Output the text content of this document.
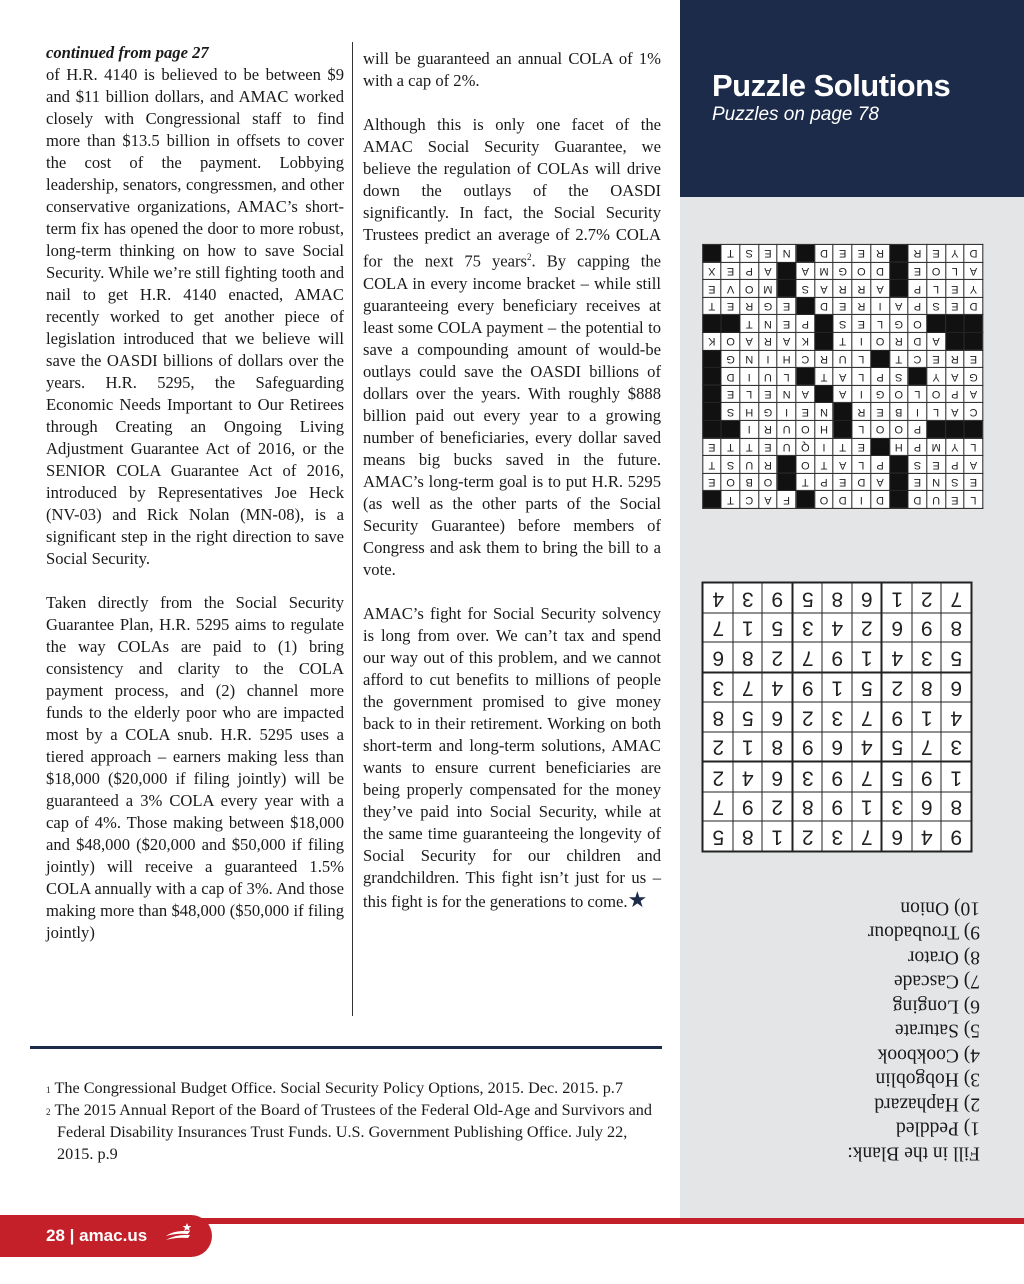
continued from page 27

of H.R. 4140 is believed to be between $9 and $11 billion dollars, and AMAC worked closely with Congressional staff to find more than $13.5 billion in offsets to cover the cost of the payment. Lobbying leadership, senators, congressmen, and other conservative organizations, AMAC’s short-term fix has opened the door to more robust, long-term thinking on how to save Social Security. While we’re still fighting tooth and nail to get H.R. 4140 enacted, AMAC recently worked to get another piece of legislation introduced that we believe will save the OASDI billions of dollars over the years. H.R. 5295, the Safeguarding Economic Needs Important to Our Retirees through Creating an Ongoing Living Adjustment Guarantee Act of 2016, or the SENIOR COLA Guarantee Act of 2016, introduced by Representatives Joe Heck (NV-03) and Rick Nolan (MN-08), is a significant step in the right direction to save Social Security.

Taken directly from the Social Security Guarantee Plan, H.R. 5295 aims to regulate the way COLAs are paid to (1) bring consistency and clarity to the COLA payment process, and (2) channel more funds to the elderly poor who are impacted most by a COLA snub. H.R. 5295 uses a tiered approach – earners making less than $18,000 ($20,000 if filing jointly) will be guaranteed a 3% COLA every year with a cap of 4%. Those making between $18,000 and $48,000 ($20,000 and $50,000 if filing jointly) will receive a guaranteed 1.5% COLA annually with a cap of 3%. And those making more than $48,000 ($50,000 if filing jointly)

will be guaranteed an annual COLA of 1% with a cap of 2%.

Although this is only one facet of the AMAC Social Security Guarantee, we believe the regulation of COLAs will drive down the outlays of the OASDI significantly. In fact, the Social Security Trustees predict an average of 2.7% COLA for the next 75 years$^2$. By capping the COLA in every income bracket – while still guaranteeing every beneficiary receives at least some COLA payment – the potential to save a compounding amount of would-be outlays could save the OASDI billions of dollars over the years. With roughly $888 billion paid out every year to a growing number of beneficiaries, every dollar saved means big bucks saved in the future. AMAC’s long-term goal is to put H.R. 5295 (as well as the other parts of the Social Security Guarantee) before members of Congress and ask them to bring the bill to a vote.

AMAC’s fight for Social Security solvency is long from over. We can’t tax and spend our way out of this problem, and we cannot afford to cut benefits to millions of people the government promised to give money back to in their retirement. Working on both short-term and long-term solutions, AMAC wants to ensure current beneficiaries are being properly compensated for the money they’ve paid into Social Security, while at the same time guaranteeing the longevity of Social Security for our children and grandchildren. This fight isn’t just for us – this fight is for the generations to come.★

$^1$ The Congressional Budget Office. Social Security Policy Options, 2015. Dec. 2015. p.7

$^2$ The 2015 Annual Report of the Board of Trustees of the Federal Old-Age and Survivors and Federal Disability Insurances Trust Funds. U.S. Government Publishing Office. July 22, 2015. p.9

28 | amac.us
Puzzle Solutions
Puzzles on page 78
L	E	U	D		D	I	D	O		F	A	C	T	
E	S	N	E		A	D	E	P	T		O	B	O	E
A	P	E	S		P	L	A	T	O		R	U	S	T
L	Y	M	P	H		E	T	I	Q	U	E	T	T	E
			P	O	O	L		H	O	U	R	I		
C	A	L	I	B	E	R		N	E	I	G	H	S	
A	P	O	L	O	G	I	A		A	N	E	L	E	
G	A	Y		S	P	L	A	T		L	U	I	D	
E	R	E	C	T		L	U	R	C	H	I	N	G	
		A	D	R	O	I	T		K	A	R	A	O	K
			O	G	L	E	S		P	E	N	T		
D	E	S	P	A	I	R	E	D		E	G	R	E	T
Y	E	L	P		A	R	R	A	S		M	O	V	E
A	L	O	E		D	O	G	M	A		A	P	E	X
D	Y	E	R		R	E	E	D		N	E	S	T	
9	4	6	7	3	2	1	8	5
8	6	3	1	9	8	2	9	7
1	9	5	7	9	3	6	4	2
3	7	5	4	6	9	8	1	2
4	1	9	7	3	2	6	5	8
6	8	2	5	1	9	4	7	3
5	3	4	1	9	7	2	8	6
8	9	6	2	4	3	5	1	7
7	2	1	6	8	5	9	3	4
Fill in the Blank:
1) Peddled
2) Haphazard
3) Hobgoblin
4) Cookbook
5) Saturate
6) Longing
7) Cascade
8) Orator
9) Troubadour
10) Onion
